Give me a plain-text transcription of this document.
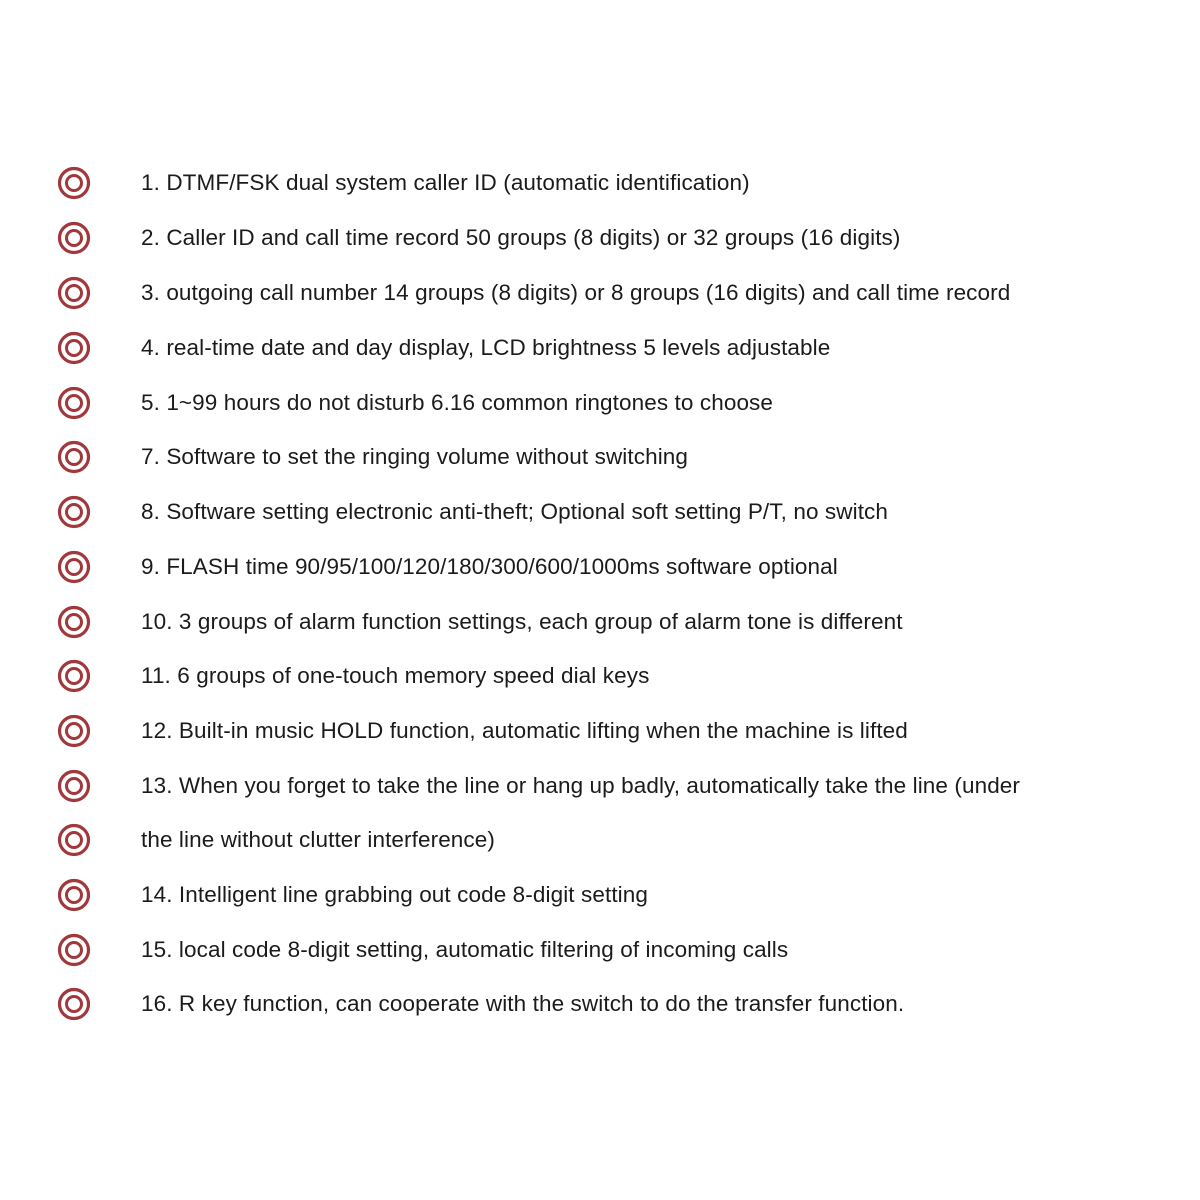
1. DTMF/FSK dual system caller ID (automatic identification)
2. Caller ID and call time record 50 groups (8 digits) or 32 groups (16 digits)
3. outgoing call number 14 groups (8 digits) or 8 groups (16 digits) and call time record
4. real-time date and day display, LCD brightness 5 levels adjustable
5. 1~99 hours do not disturb 6.16 common ringtones to choose
7. Software to set the ringing volume without switching
8. Software setting electronic anti-theft; Optional soft setting P/T, no switch
9. FLASH time 90/95/100/120/180/300/600/1000ms software optional
10. 3 groups of alarm function settings, each group of alarm tone is different
11. 6 groups of one-touch memory speed dial keys
12. Built-in music HOLD function, automatic lifting when the machine is lifted
13. When you forget to take the line or hang up badly, automatically take the line (under
the line without clutter interference)
14. Intelligent line grabbing out code 8-digit setting
15. local code 8-digit setting, automatic filtering of incoming calls
16. R key function, can cooperate with the switch to do the transfer function.
